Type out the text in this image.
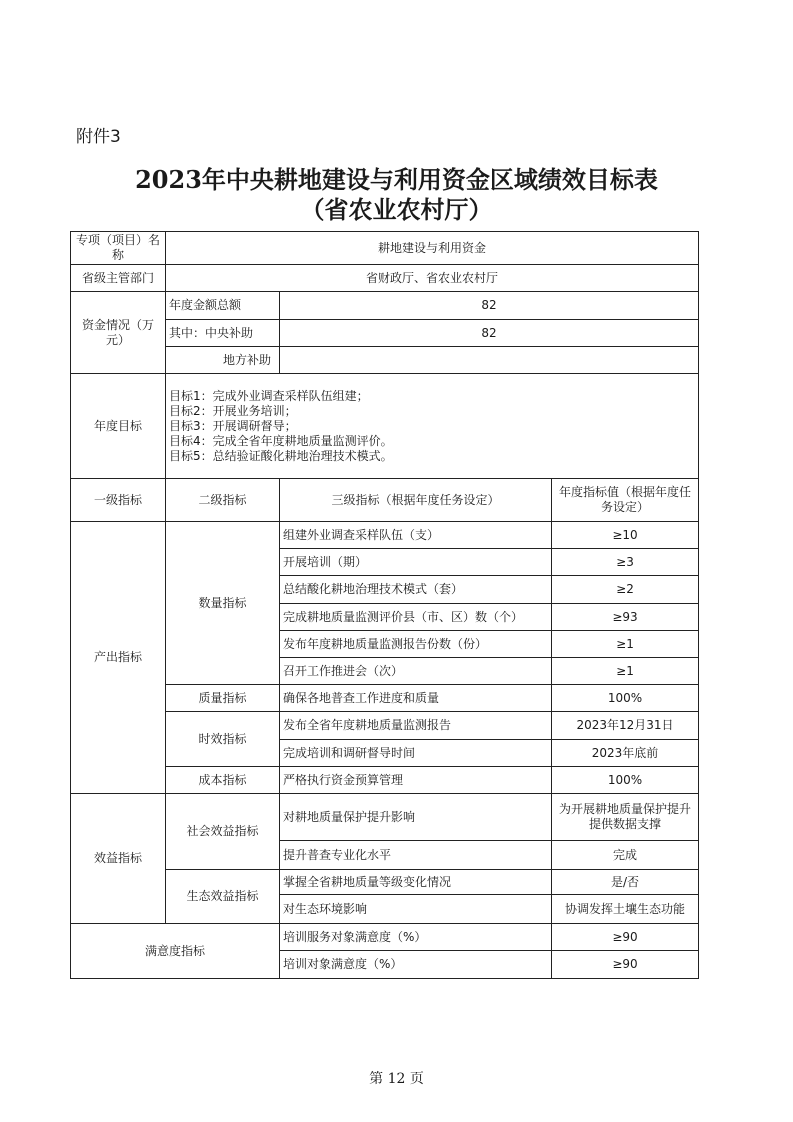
附件3
2023年中央耕地建设与利用资金区域绩效目标表
（省农业农村厅）
专项（项目）名称	耕地建设与利用资金		
省级主管部门	省财政厅、省农业农村厅		
资金情况（万元）	年度金额总额	82	
	其中：中央补助	82	
	地方补助		
年度目标	目标1：完成外业调查采样队伍组建；
目标2：开展业务培训；
目标3：开展调研督导；
目标4：完成全省年度耕地质量监测评价。
目标5：总结验证酸化耕地治理技术模式。		

一级指标	二级指标	三级指标（根据年度任务设定）	年度指标值（根据年度任务设定）
产出指标	数量指标	组建外业调查采样队伍（支）	≥10
		开展培训（期）	≥3
		总结酸化耕地治理技术模式（套）	≥2
		完成耕地质量监测评价县（市、区）数（个）	≥93
		发布年度耕地质量监测报告份数（份）	≥1
		召开工作推进会（次）	≥1
	质量指标	确保各地普查工作进度和质量	100%
	时效指标	发布全省年度耕地质量监测报告	2023年12月31日
		完成培训和调研督导时间	2023年底前
	成本指标	严格执行资金预算管理	100%
效益指标	社会效益指标	对耕地质量保护提升影响	为开展耕地质量保护提升提供数据支撑
		提升普查专业化水平	完成
	生态效益指标	掌握全省耕地质量等级变化情况	是/否
		对生态环境影响	协调发挥土壤生态功能
满意度指标		培训服务对象满意度（%）	≥90
		培训对象满意度（%）	≥90
第 12 页
